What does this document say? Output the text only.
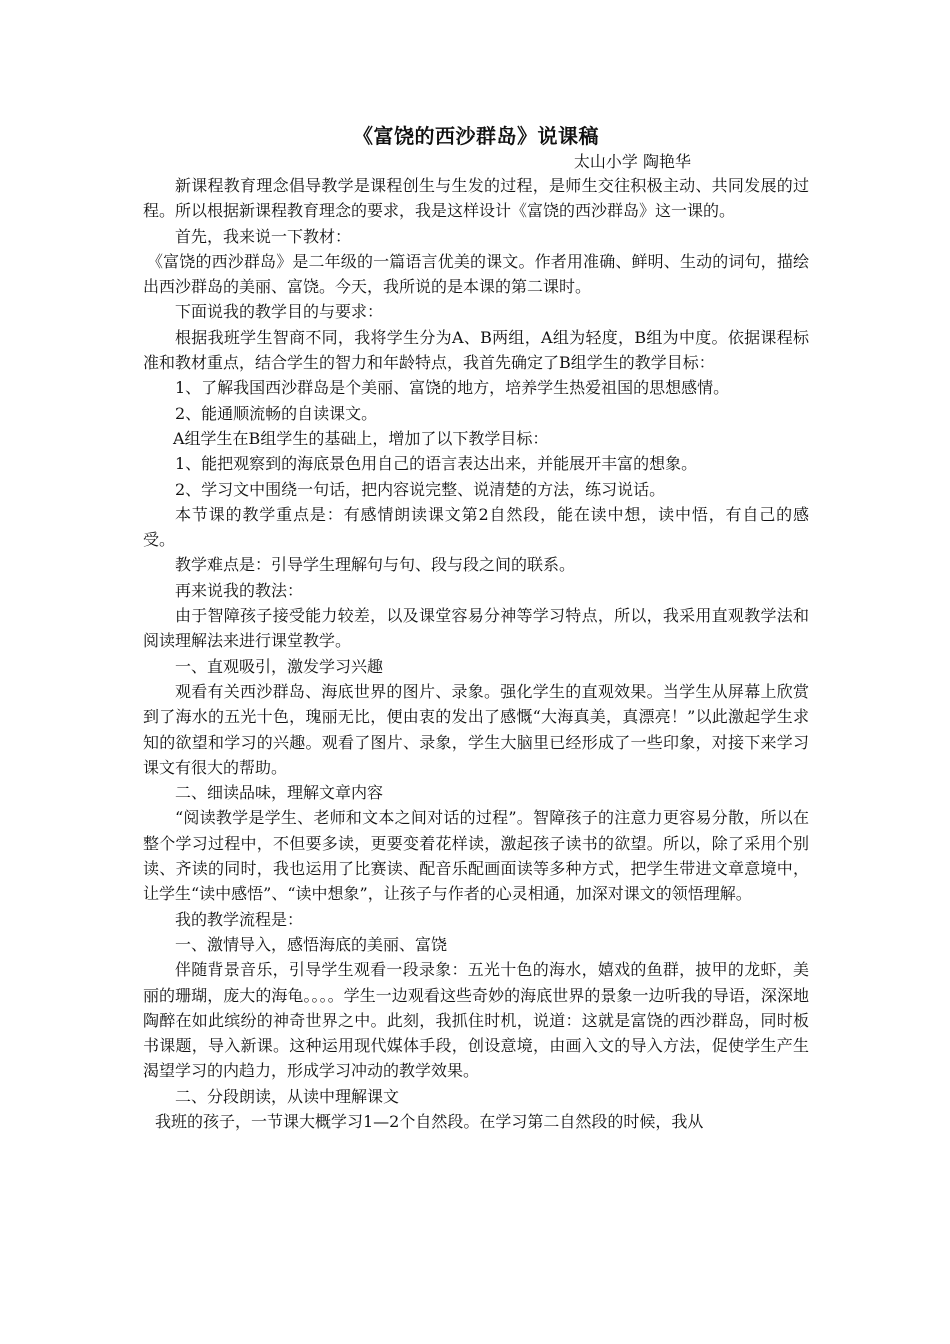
《富饶的西沙群岛》说课稿
太山小学 陶艳华

新课程教育理念倡导教学是课程创生与生发的过程，是师生交往积极主动、共同发展的过程。所以根据新课程教育理念的要求，我是这样设计《富饶的西沙群岛》这一课的。

首先，我来说一下教材：

《富饶的西沙群岛》是二年级的一篇语言优美的课文。作者用准确、鲜明、生动的词句，描绘出西沙群岛的美丽、富饶。今天，我所说的是本课的第二课时。

下面说我的教学目的与要求：

根据我班学生智商不同，我将学生分为A、B两组，A组为轻度，B组为中度。依据课程标准和教材重点，结合学生的智力和年龄特点，我首先确定了B组学生的教学目标：

1、了解我国西沙群岛是个美丽、富饶的地方，培养学生热爱祖国的思想感情。

2、能通顺流畅的自读课文。

A组学生在B组学生的基础上，增加了以下教学目标：

1、能把观察到的海底景色用自己的语言表达出来，并能展开丰富的想象。

2、学习文中围绕一句话，把内容说完整、说清楚的方法，练习说话。

本节课的教学重点是：有感情朗读课文第2自然段，能在读中想，读中悟，有自己的感受。

教学难点是：引导学生理解句与句、段与段之间的联系。

再来说我的教法：

由于智障孩子接受能力较差，以及课堂容易分神等学习特点，所以，我采用直观教学法和阅读理解法来进行课堂教学。

一、直观吸引，激发学习兴趣

观看有关西沙群岛、海底世界的图片、录象。强化学生的直观效果。当学生从屏幕上欣赏到了海水的五光十色，瑰丽无比，便由衷的发出了感慨“大海真美，真漂亮！”以此激起学生求知的欲望和学习的兴趣。观看了图片、录象，学生大脑里已经形成了一些印象，对接下来学习课文有很大的帮助。

二、细读品味，理解文章内容

“阅读教学是学生、老师和文本之间对话的过程”。智障孩子的注意力更容易分散，所以在整个学习过程中，不但要多读，更要变着花样读，激起孩子读书的欲望。所以，除了采用个别读、齐读的同时，我也运用了比赛读、配音乐配画面读等多种方式，把学生带进文章意境中，让学生“读中感悟”、“读中想象”，让孩子与作者的心灵相通，加深对课文的领悟理解。

我的教学流程是：

一、激情导入，感悟海底的美丽、富饶

伴随背景音乐，引导学生观看一段录象：五光十色的海水，嬉戏的鱼群，披甲的龙虾，美丽的珊瑚，庞大的海龟。。。。学生一边观看这些奇妙的海底世界的景象一边听我的导语，深深地陶醉在如此缤纷的神奇世界之中。此刻，我抓住时机，说道：这就是富饶的西沙群岛，同时板书课题，导入新课。这种运用现代媒体手段，创设意境，由画入文的导入方法，促使学生产生渴望学习的内趋力，形成学习冲动的教学效果。

二、分段朗读，从读中理解课文

我班的孩子，一节课大概学习1—2个自然段。在学习第二自然段的时候，我从
